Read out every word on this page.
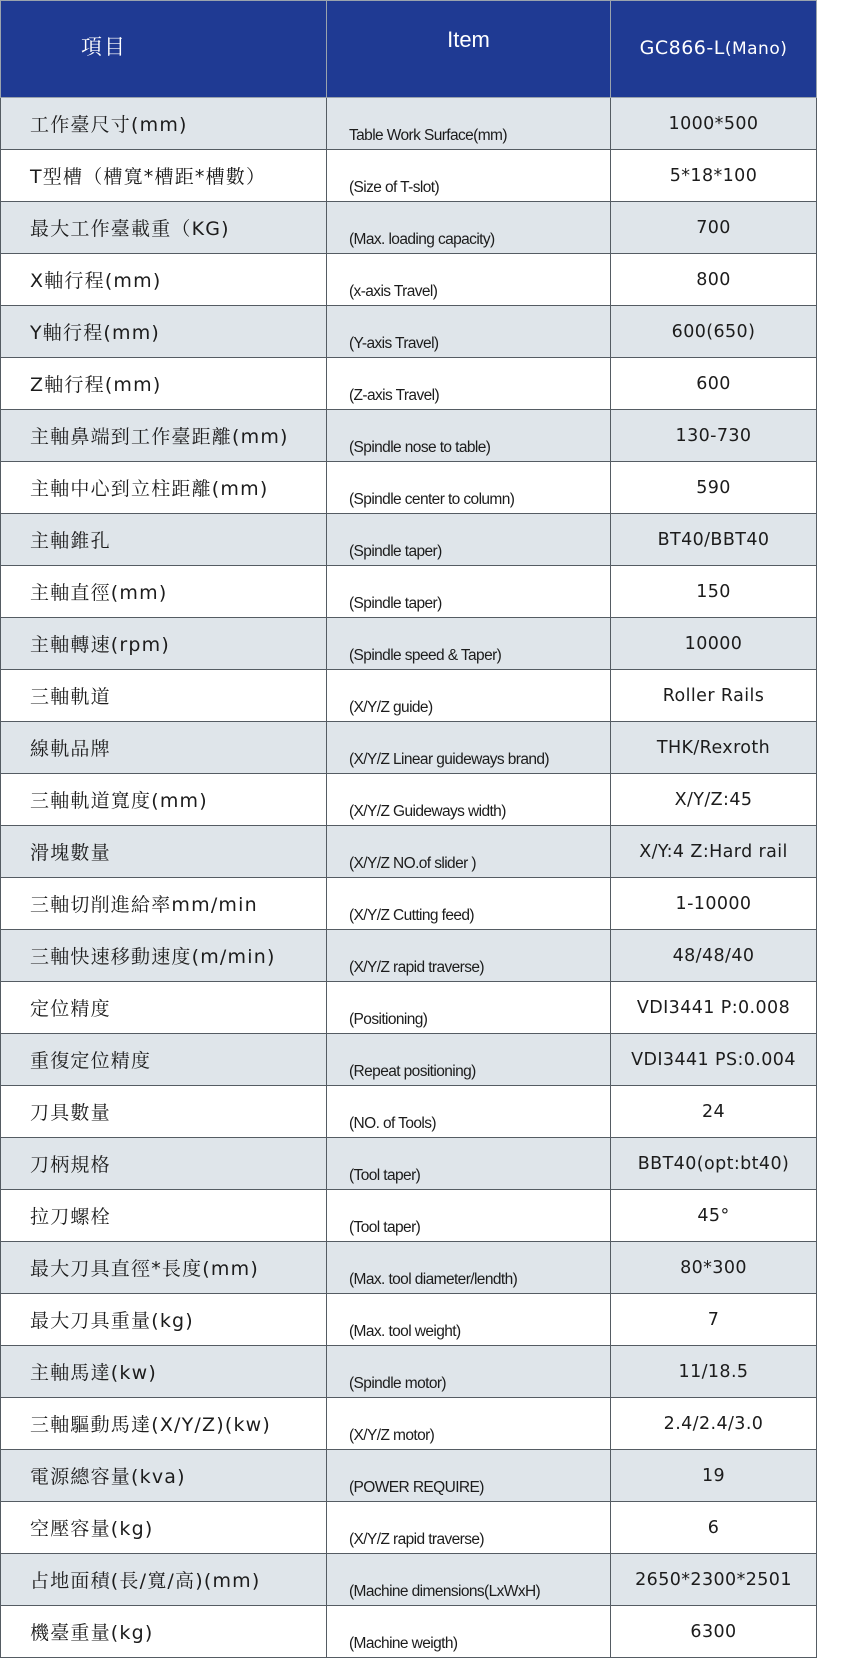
項目	Item	GC866-L(Mano)

工作臺尺寸(mm)	Table Work Surface(mm)	1000*500
T型槽（槽寬*槽距*槽數）	(Size of T-slot)	5*18*100
最大工作臺載重（KG)	(Max. loading capacity)	700
X軸行程(mm)	(x-axis Travel)	800
Y軸行程(mm)	(Y-axis Travel)	600(650)
Z軸行程(mm)	(Z-axis Travel)	600
主軸鼻端到工作臺距離(mm)	(Spindle nose to table)	130-730
主軸中心到立柱距離(mm)	(Spindle center to column)	590
主軸錐孔	(Spindle taper)	BT40/BBT40
主軸直徑(mm)	(Spindle taper)	150
主軸轉速(rpm)	(Spindle speed & Taper)	10000
三軸軌道	(X/Y/Z guide)	Roller Rails
線軌品牌	(X/Y/Z Linear guideways brand)	THK/Rexroth
三軸軌道寬度(mm)	(X/Y/Z Guideways width)	X/Y/Z:45
滑塊數量	(X/Y/Z NO.of slider )	X/Y:4 Z:Hard rail
三軸切削進給率mm/min	(X/Y/Z Cutting feed)	1-10000
三軸快速移動速度(m/min)	(X/Y/Z rapid traverse)	48/48/40
定位精度	(Positioning)	VDI3441 P:0.008
重復定位精度	(Repeat positioning)	VDI3441 PS:0.004
刀具數量	(NO. of Tools)	24
刀柄規格	(Tool taper)	BBT40(opt:bt40)
拉刀螺栓	(Tool taper)	45°
最大刀具直徑*長度(mm)	(Max. tool diameter/lendth)	80*300
最大刀具重量(kg)	(Max. tool weight)	7
主軸馬達(kw)	(Spindle motor)	11/18.5
三軸驅動馬達(X/Y/Z)(kw)	(X/Y/Z motor)	2.4/2.4/3.0
電源總容量(kva)	(POWER REQUIRE)	19
空壓容量(kg)	(X/Y/Z rapid traverse)	6
占地面積(長/寬/高)(mm)	(Machine dimensions(LxWxH)	2650*2300*2501
機臺重量(kg)	(Machine weigth)	6300
